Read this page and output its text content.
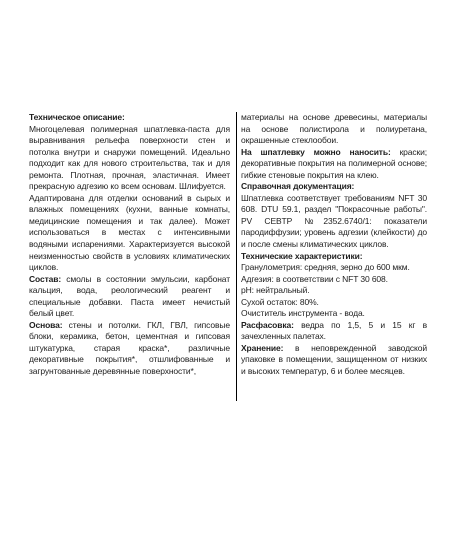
Техническое описание:
Многоцелевая полимерная шпатлевка-паста для выравнивания рельефа поверхности стен и потолка внутри и снаружи помещений. Идеально подходит как для нового строительства, так и для ремонта. Плотная, прочная, эластичная. Имеет прекрасную адгезию ко всем основам. Шлифуется.

Адаптирована для отделки оснований в сырых и влажных помещениях (кухни, ванные комнаты, медицинские помещения и так далее). Может использоваться в местах с интенсивными водяными испарениями. Характеризуется высокой неизменностью свойств в условиях климатических циклов.

Состав: смолы в состоянии эмульсии, карбонат кальция, вода, реологический реагент и специальные добавки. Паста имеет нечистый белый цвет.

Основа: стены и потолки. ГКЛ, ГВЛ, гипсовые блоки, керамика, бетон, цементная и гипсовая штукатурка, старая краска*, различные декоративные покрытия*, отшлифованные и загрунтованные деревянные поверхности*,

материалы на основе древесины, материалы на основе полистирола и полиуретана, окрашенные стеклообои.

На шпатлевку можно наносить: краски; декоративные покрытия на полимерной основе; гибкие стеновые покрытия на клею.

Справочная документация:
Шпатлевка соответствует требованиям NFT 30 608. DTU 59.1, раздел "Покрасочные работы". PV CEBTP №2352.6740/1: показатели пародиффузии; уровень адгезии (клейкости) до и после смены климатических циклов.

Технические характеристики:
Гранулометрия: средняя, зерно до 600 мкм.
Адгезия: в соответствии с NFT 30 608.
pH: нейтральный.
Сухой остаток: 80%.
Очиститель инструмента - вода.

Расфасовка: ведра по 1,5, 5 и 15 кг в зачехленных палетах.

Хранение: в неповрежденной заводской упаковке в помещении, защищенном от низких и высоких температур, 6 и более месяцев.
